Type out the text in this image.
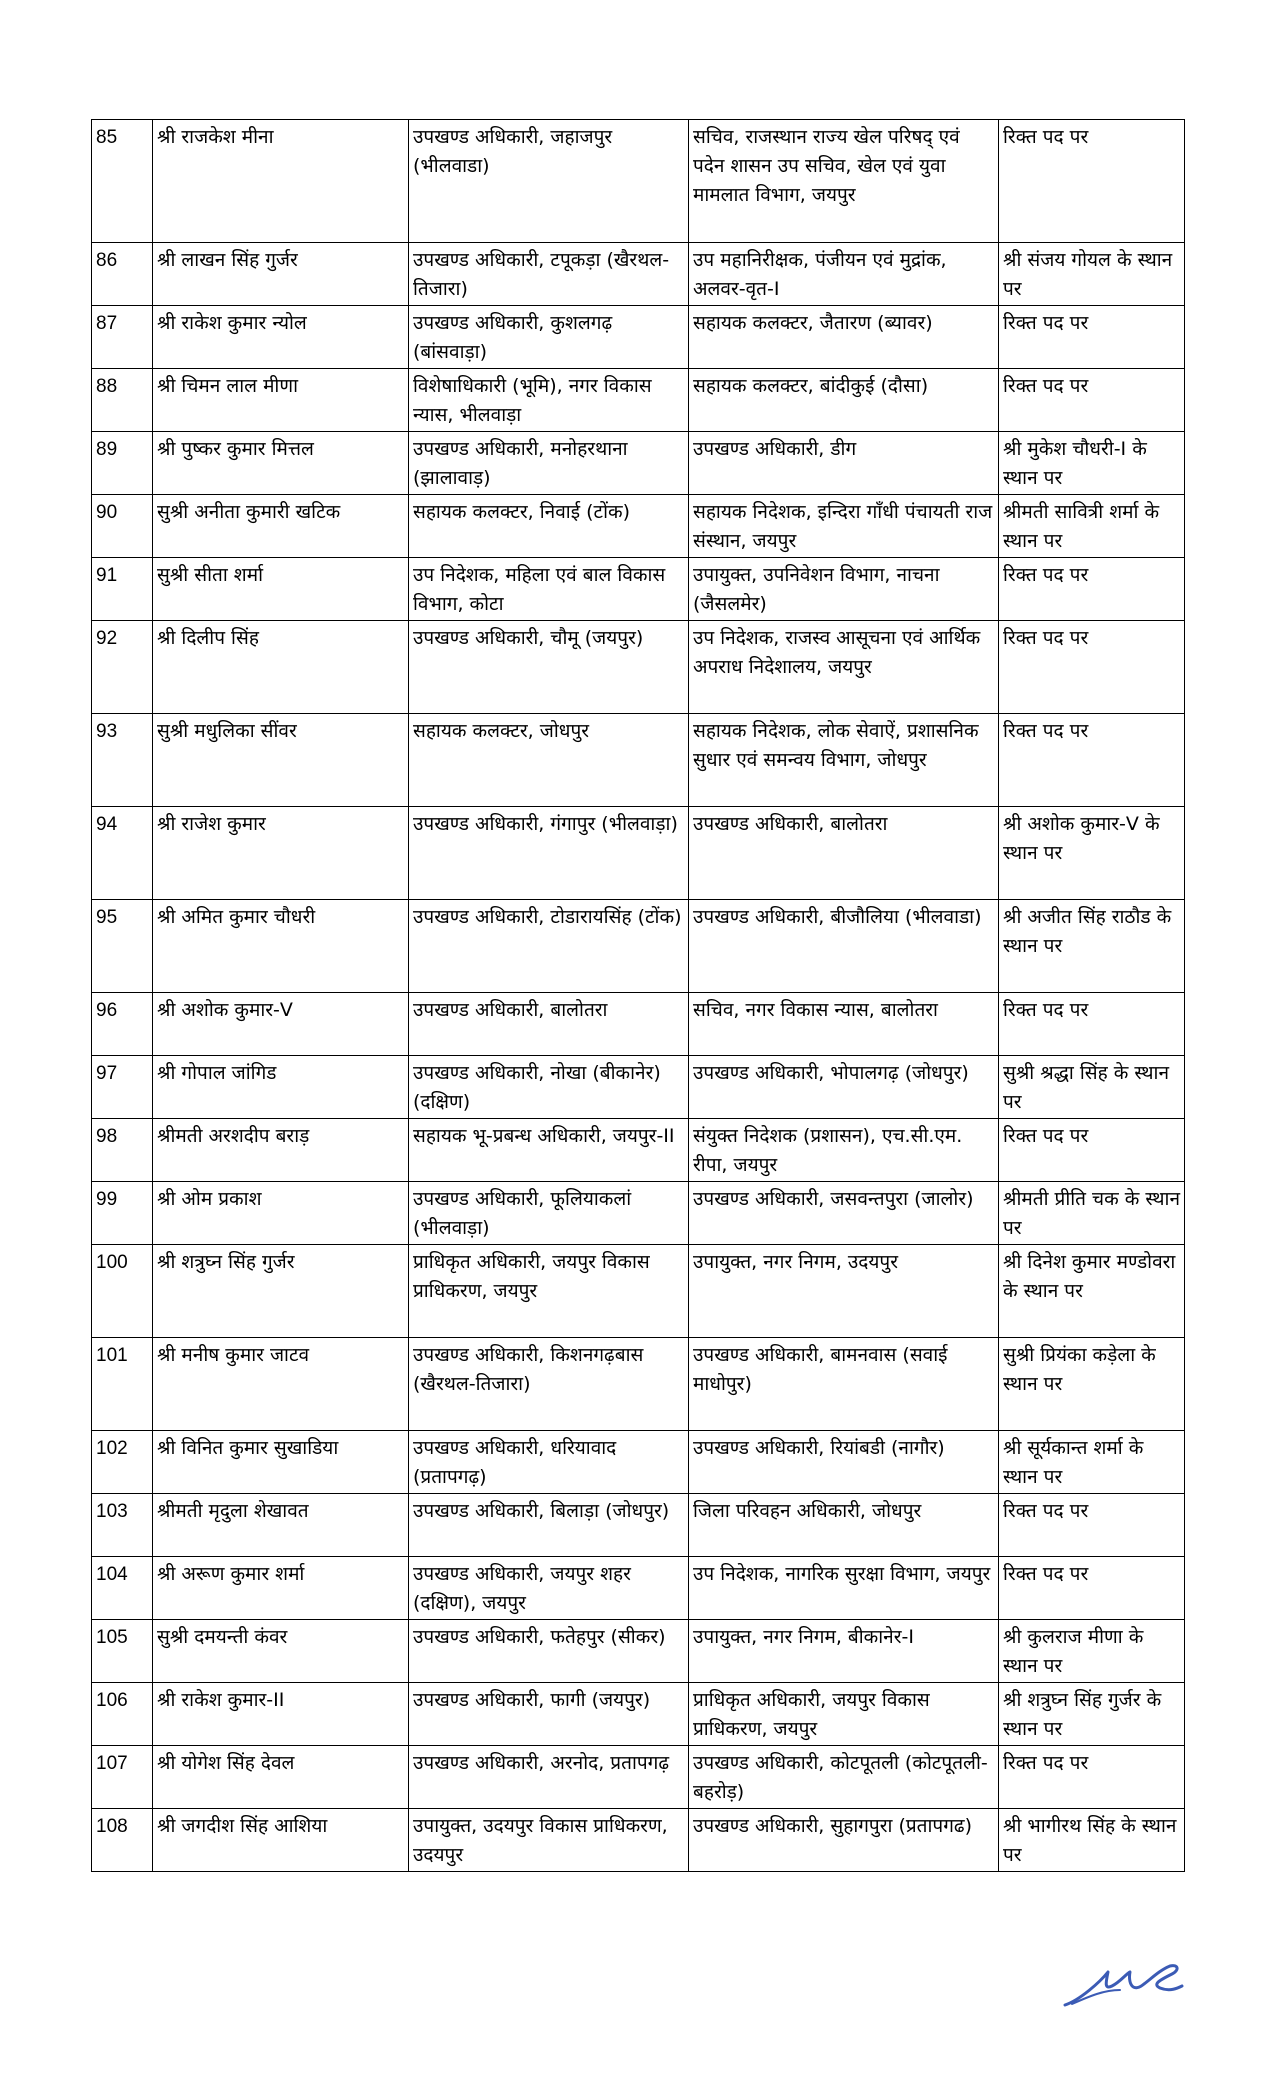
85	श्री राजकेश मीना	उपखण्ड अधिकारी, जहाजपुर (भीलवाडा)	सचिव, राजस्थान राज्य खेल परिषद् एवं पदेन शासन उप सचिव, खेल एवं युवा मामलात विभाग, जयपुर	रिक्त पद पर
86	श्री लाखन सिंह गुर्जर	उपखण्ड अधिकारी, टपूकड़ा (खैरथल-तिजारा)	उप महानिरीक्षक, पंजीयन एवं मुद्रांक, अलवर-वृत-I	श्री संजय गोयल के स्थान पर
87	श्री राकेश कुमार न्योल	उपखण्ड अधिकारी, कुशलगढ़ (बांसवाड़ा)	सहायक कलक्टर, जैतारण (ब्यावर)	रिक्त पद पर
88	श्री चिमन लाल मीणा	विशेषाधिकारी (भूमि), नगर विकास न्यास, भीलवाड़ा	सहायक कलक्टर, बांदीकुई (दौसा)	रिक्त पद पर
89	श्री पुष्कर कुमार मित्तल	उपखण्ड अधिकारी, मनोहरथाना (झालावाड़)	उपखण्ड अधिकारी, डीग	श्री मुकेश चौधरी-I के स्थान पर
90	सुश्री अनीता कुमारी खटिक	सहायक कलक्टर, निवाई (टोंक)	सहायक निदेशक, इन्दिरा गाँधी पंचायती राज संस्थान, जयपुर	श्रीमती सावित्री शर्मा के स्थान पर
91	सुश्री सीता शर्मा	उप निदेशक, महिला एवं बाल विकास विभाग, कोटा	उपायुक्त, उपनिवेशन विभाग, नाचना (जैसलमेर)	रिक्त पद पर
92	श्री दिलीप सिंह	उपखण्ड अधिकारी, चौमू (जयपुर)	उप निदेशक, राजस्व आसूचना एवं आर्थिक अपराध निदेशालय, जयपुर	रिक्त पद पर
93	सुश्री मधुलिका सींवर	सहायक कलक्टर, जोधपुर	सहायक निदेशक, लोक सेवाऐं, प्रशासनिक सुधार एवं समन्वय विभाग, जोधपुर	रिक्त पद पर
94	श्री राजेश कुमार	उपखण्ड अधिकारी, गंगापुर (भीलवाड़ा)	उपखण्ड अधिकारी, बालोतरा	श्री अशोक कुमार-V के स्थान पर
95	श्री अमित कुमार चौधरी	उपखण्ड अधिकारी, टोडारायसिंह (टोंक)	उपखण्ड अधिकारी, बीजौलिया (भीलवाडा)	श्री अजीत सिंह राठौड के स्थान पर
96	श्री अशोक कुमार-V	उपखण्ड अधिकारी, बालोतरा	सचिव, नगर विकास न्यास, बालोतरा	रिक्त पद पर
97	श्री गोपाल जांगिड	उपखण्ड अधिकारी, नोखा (बीकानेर) (दक्षिण)	उपखण्ड अधिकारी, भोपालगढ़ (जोधपुर)	सुश्री श्रद्धा सिंह के स्थान पर
98	श्रीमती अरशदीप बराड़	सहायक भू-प्रबन्ध अधिकारी, जयपुर-II	संयुक्त निदेशक (प्रशासन), एच.सी.एम. रीपा, जयपुर	रिक्त पद पर
99	श्री ओम प्रकाश	उपखण्ड अधिकारी, फूलियाकलां (भीलवाड़ा)	उपखण्ड अधिकारी, जसवन्तपुरा (जालोर)	श्रीमती प्रीति चक के स्थान पर
100	श्री शत्रुघ्न सिंह गुर्जर	प्राधिकृत अधिकारी, जयपुर विकास प्राधिकरण, जयपुर	उपायुक्त, नगर निगम, उदयपुर	श्री दिनेश कुमार मण्डोवरा के स्थान पर
101	श्री मनीष कुमार जाटव	उपखण्ड अधिकारी, किशनगढ़बास (खैरथल-तिजारा)	उपखण्ड अधिकारी, बामनवास (सवाई माधोपुर)	सुश्री प्रियंका कड़ेला के स्थान पर
102	श्री विनित कुमार सुखाडिया	उपखण्ड अधिकारी, धरियावाद (प्रतापगढ़)	उपखण्ड अधिकारी, रियांबडी (नागौर)	श्री सूर्यकान्त शर्मा के स्थान पर
103	श्रीमती मृदुला शेखावत	उपखण्ड अधिकारी, बिलाड़ा (जोधपुर)	जिला परिवहन अधिकारी, जोधपुर	रिक्त पद पर
104	श्री अरूण कुमार शर्मा	उपखण्ड अधिकारी, जयपुर शहर (दक्षिण), जयपुर	उप निदेशक, नागरिक सुरक्षा विभाग, जयपुर	रिक्त पद पर
105	सुश्री दमयन्ती कंवर	उपखण्ड अधिकारी, फतेहपुर (सीकर)	उपायुक्त, नगर निगम, बीकानेर-I	श्री कुलराज मीणा के स्थान पर
106	श्री राकेश कुमार-II	उपखण्ड अधिकारी, फागी (जयपुर)	प्राधिकृत अधिकारी, जयपुर विकास प्राधिकरण, जयपुर	श्री शत्रुघ्न सिंह गुर्जर के स्थान पर
107	श्री योगेश सिंह देवल	उपखण्ड अधिकारी, अरनोद, प्रतापगढ़	उपखण्ड अधिकारी, कोटपूतली (कोटपूतली-बहरोड़)	रिक्त पद पर
108	श्री जगदीश सिंह आशिया	उपायुक्त, उदयपुर विकास प्राधिकरण, उदयपुर	उपखण्ड अधिकारी, सुहागपुरा (प्रतापगढ)	श्री भागीरथ सिंह के स्थान पर
